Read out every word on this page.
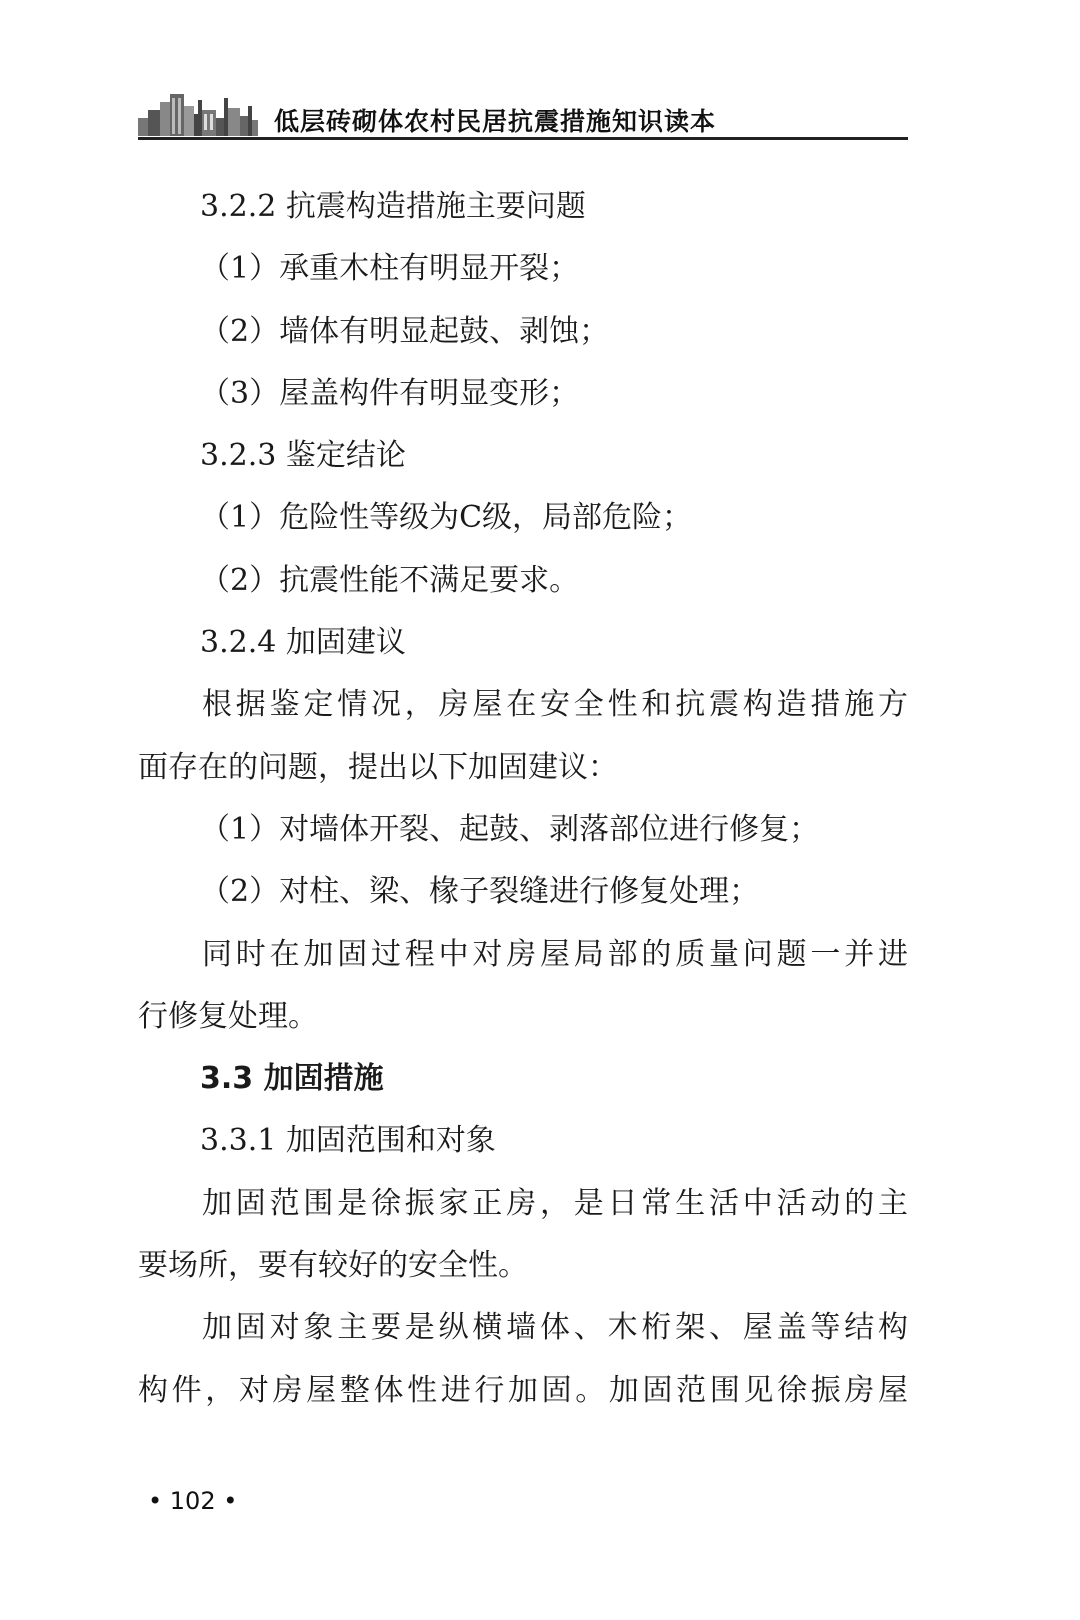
低层砖砌体农村民居抗震措施知识读本
3.2.2 抗震构造措施主要问题
（1）承重木柱有明显开裂；
（2）墙体有明显起鼓、剥蚀；
（3）屋盖构件有明显变形；
3.2.3 鉴定结论
（1）危险性等级为C级，局部危险；
（2）抗震性能不满足要求。
3.2.4 加固建议
根据鉴定情况，房屋在安全性和抗震构造措施方
面存在的问题，提出以下加固建议：
（1）对墙体开裂、起鼓、剥落部位进行修复；
（2）对柱、梁、椽子裂缝进行修复处理；
同时在加固过程中对房屋局部的质量问题一并进
行修复处理。
3.3 加固措施
3.3.1 加固范围和对象
加固范围是徐振家正房，是日常生活中活动的主
要场所，要有较好的安全性。
加固对象主要是纵横墙体、木桁架、屋盖等结构
构件，对房屋整体性进行加固。加固范围见徐振房屋
• 102 •
